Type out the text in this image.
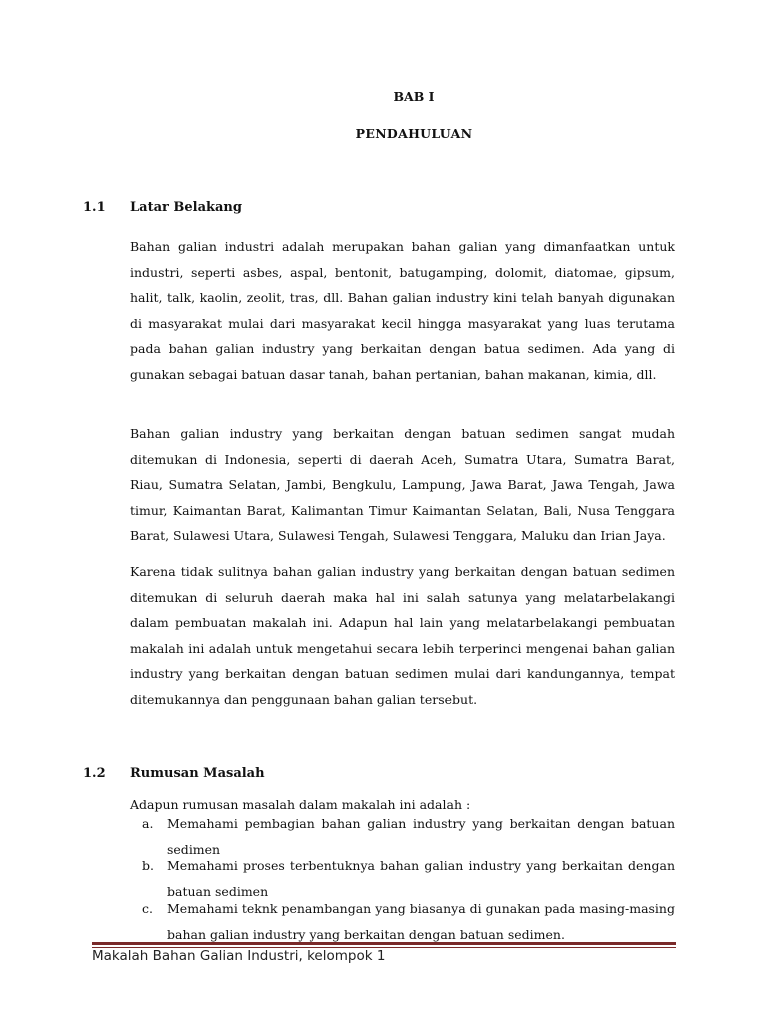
BAB I
PENDAHULUAN
1.1 Latar Belakang
Bahan galian industri adalah merupakan bahan galian yang dimanfaatkan untuk industri, seperti asbes, aspal, bentonit, batugamping, dolomit, diatomae, gipsum, halit, talk, kaolin, zeolit, tras, dll. Bahan galian industry kini telah banyah digunakan di masyarakat mulai dari masyarakat kecil hingga masyarakat yang luas terutama pada bahan galian industry yang berkaitan dengan batua sedimen. Ada yang di gunakan sebagai batuan dasar tanah, bahan pertanian, bahan makanan, kimia, dll.
Bahan galian industry yang berkaitan dengan batuan sedimen sangat mudah ditemukan di Indonesia, seperti di daerah Aceh, Sumatra Utara, Sumatra Barat, Riau, Sumatra Selatan, Jambi, Bengkulu, Lampung, Jawa Barat, Jawa Tengah, Jawa timur, Kaimantan Barat, Kalimantan Timur Kaimantan Selatan, Bali, Nusa Tenggara Barat, Sulawesi Utara, Sulawesi Tengah, Sulawesi Tenggara, Maluku dan Irian Jaya.
Karena tidak sulitnya bahan galian industry yang berkaitan dengan batuan sedimen ditemukan di seluruh daerah maka hal ini salah satunya yang melatarbelakangi dalam pembuatan makalah ini. Adapun hal lain yang melatarbelakangi pembuatan makalah ini adalah untuk mengetahui secara lebih terperinci mengenai bahan galian industry yang berkaitan dengan batuan sedimen mulai dari kandungannya, tempat ditemukannya dan penggunaan bahan galian tersebut.
1.2 Rumusan Masalah
Adapun rumusan masalah dalam makalah ini adalah :
a. Memahami pembagian bahan galian industry yang berkaitan dengan batuan sedimen
b. Memahami proses terbentuknya bahan galian industry yang berkaitan dengan batuan sedimen
c. Memahami teknk penambangan yang biasanya di gunakan pada masing-masing bahan galian industry yang berkaitan dengan batuan sedimen.
Makalah Bahan Galian Industri, kelompok 1
